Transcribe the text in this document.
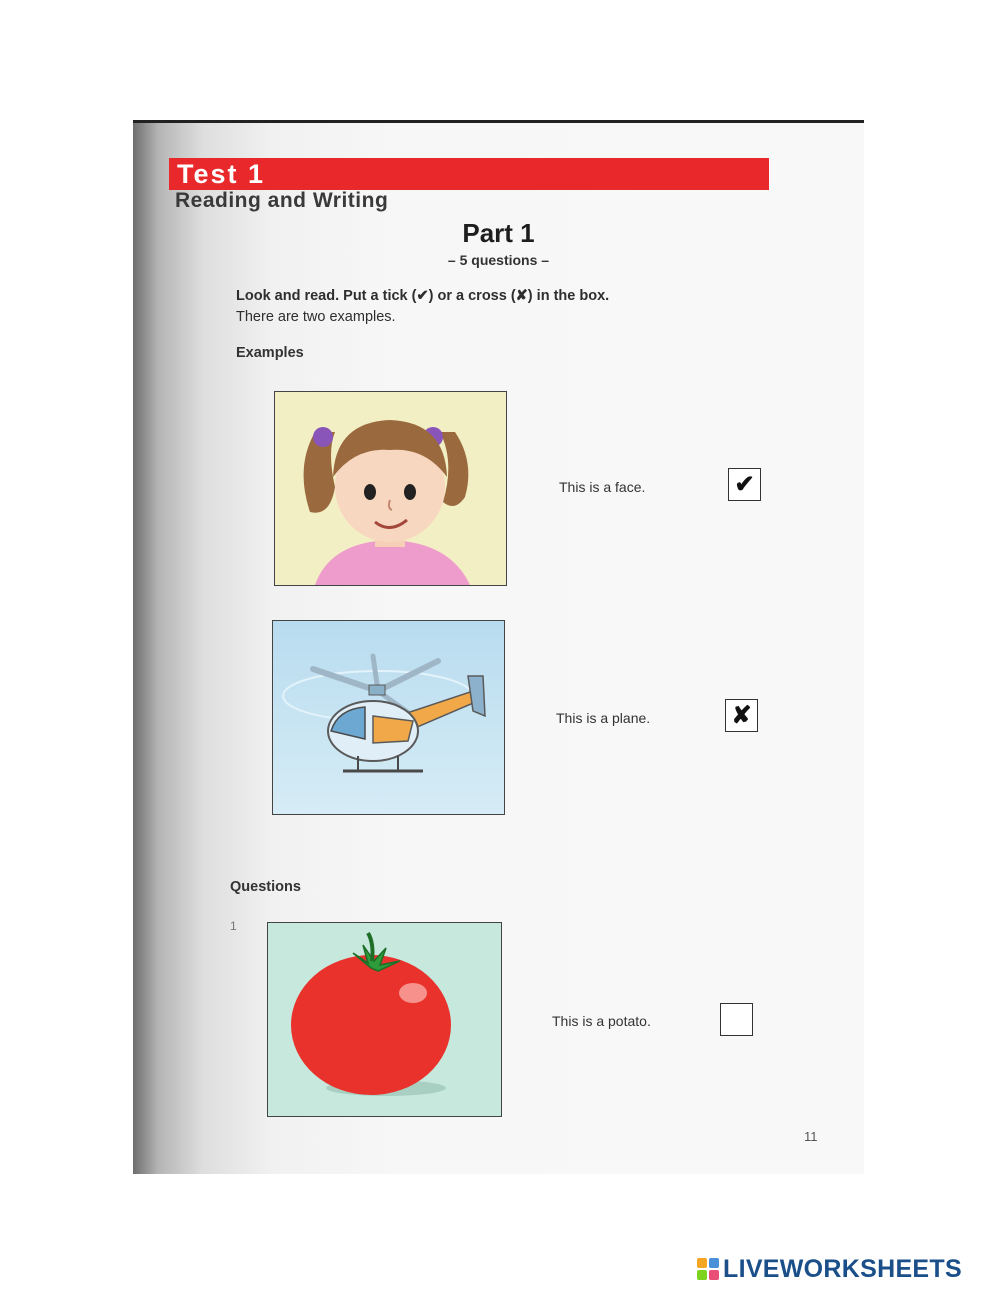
Test 1
Reading and Writing
Part 1
– 5 questions –
Look and read. Put a tick (✔) or a cross (✘) in the box.
There are two examples.
Examples
This is a face.	✔
This is a plane.	✘
Questions
1
This is a potato.
11
LIVEWORKSHEETS
